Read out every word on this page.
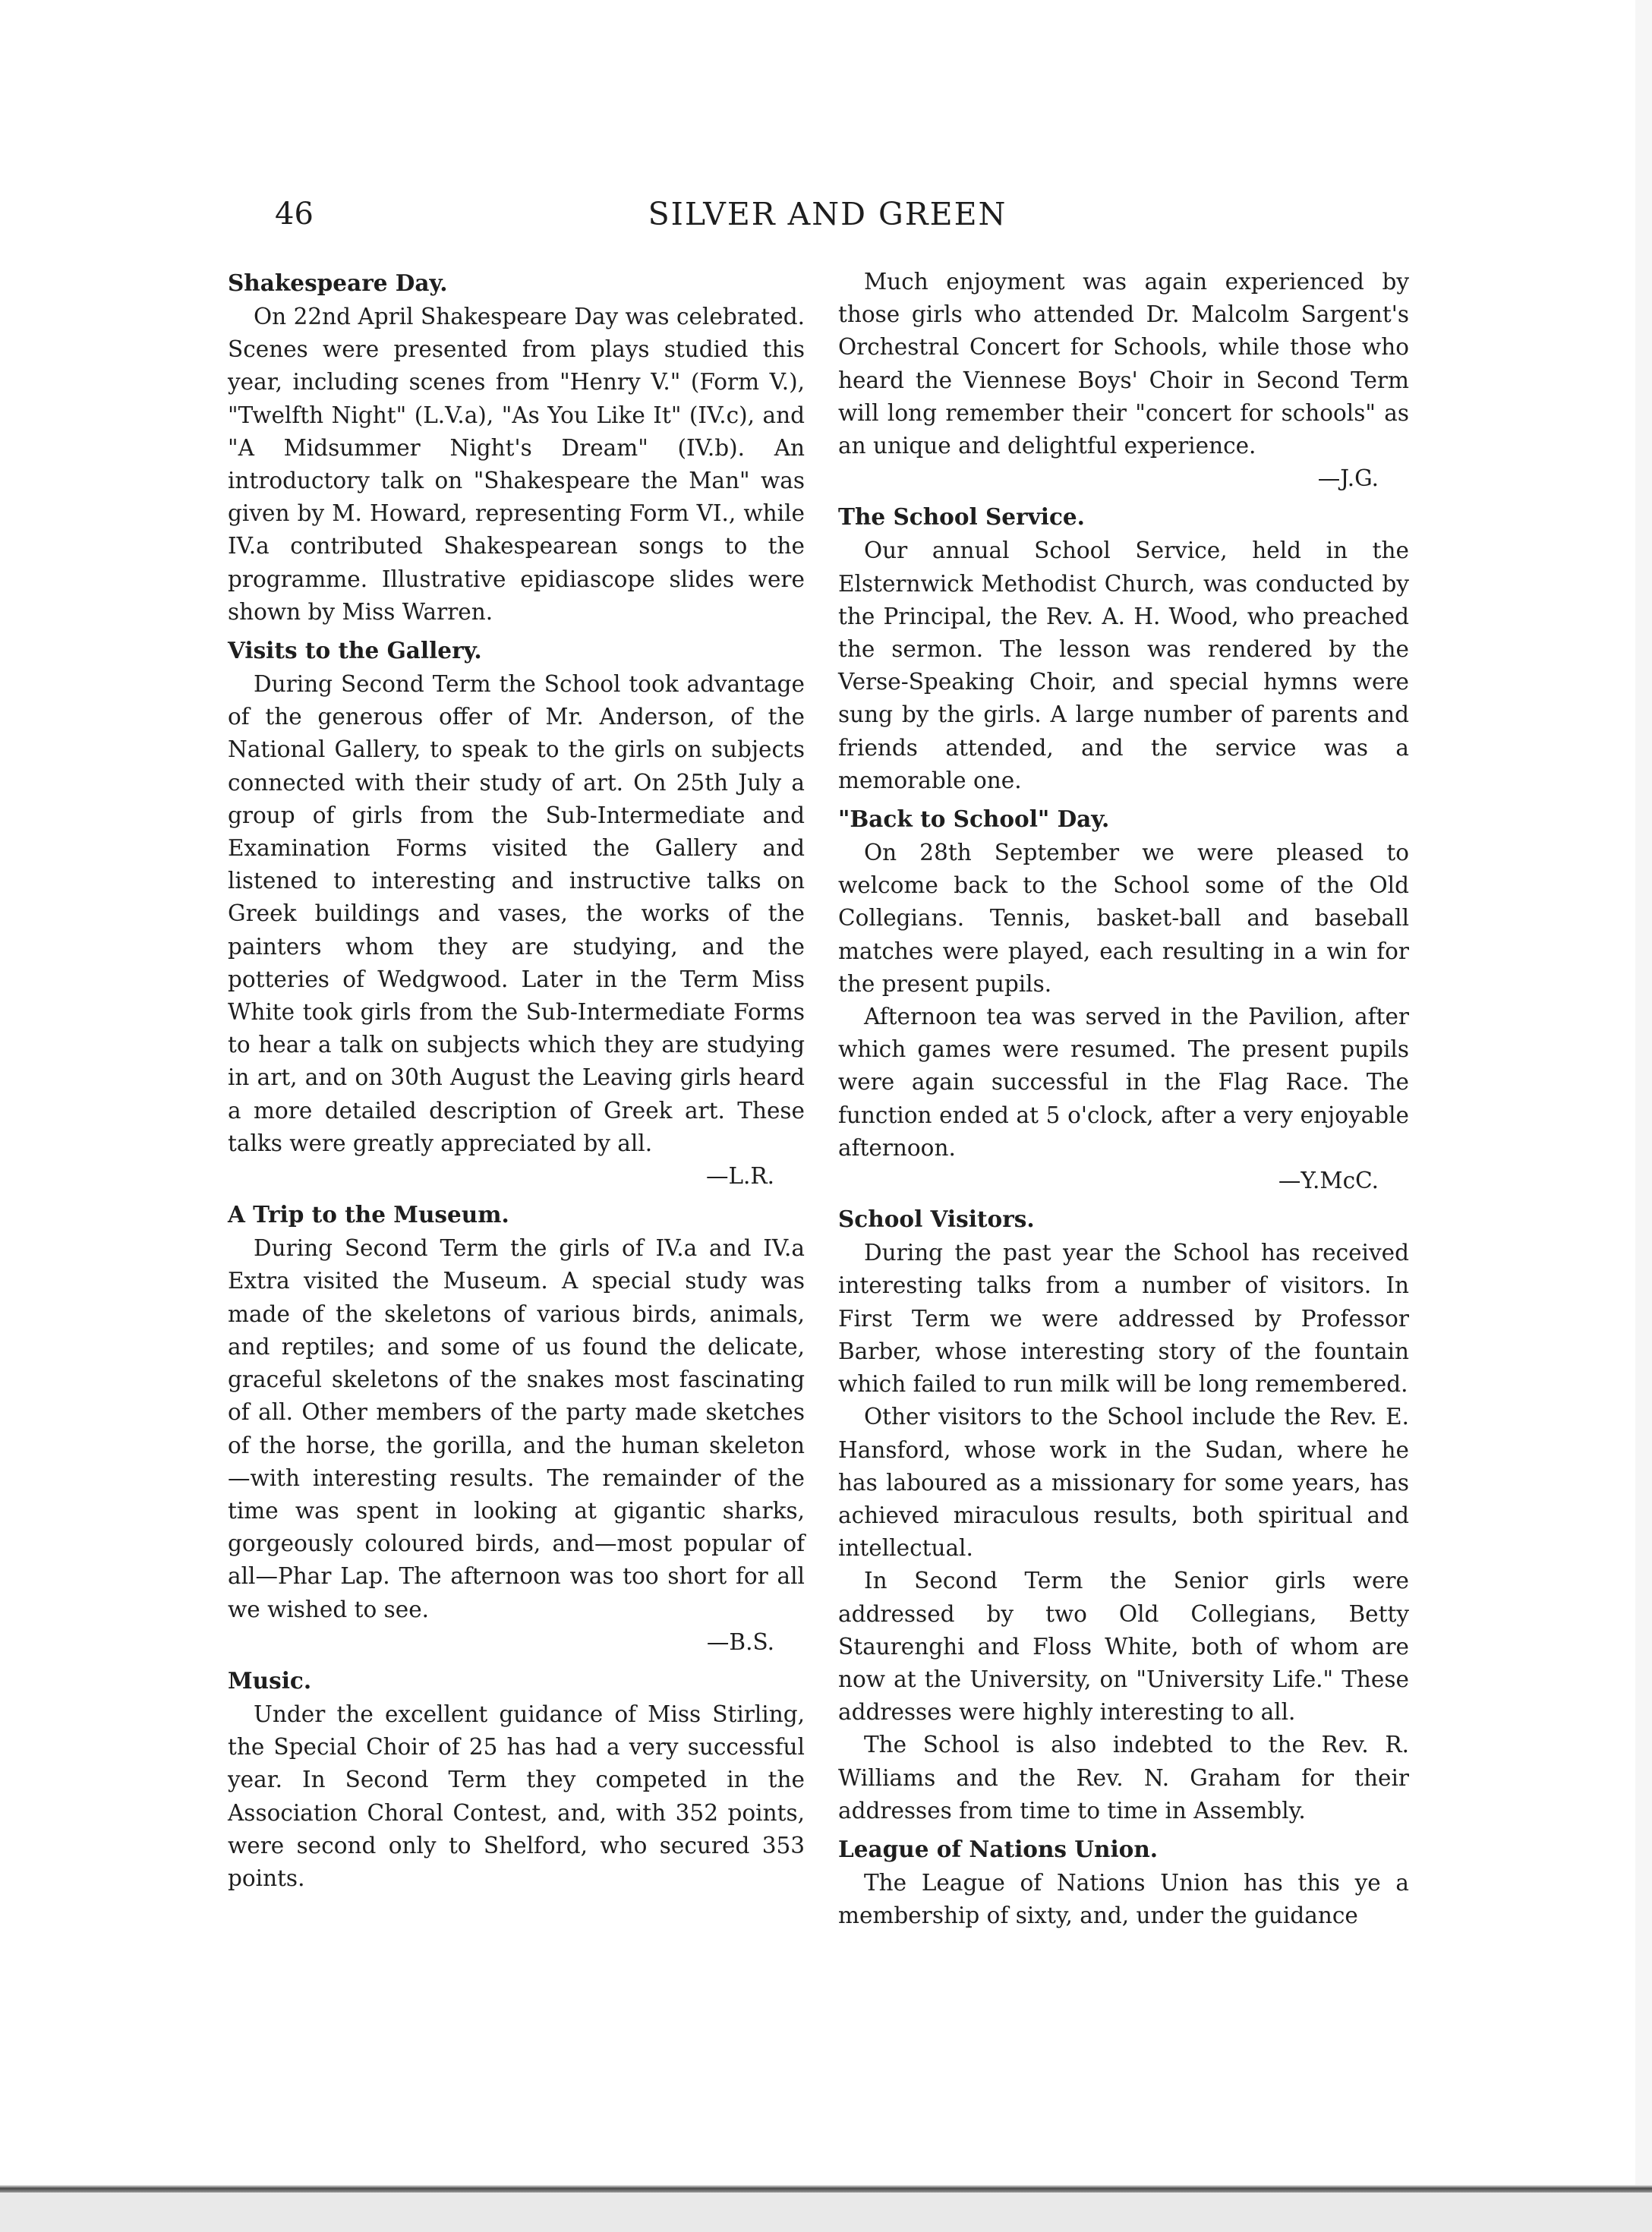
46	SILVER AND GREEN
Shakespeare Day.

On 22nd April Shakespeare Day was celebrated. Scenes were presented from plays studied this year, including scenes from "Henry V." (Form V.), "Twelfth Night" (L.V.a), "As You Like It" (IV.c), and "A Midsummer Night's Dream" (IV.b). An introductory talk on "Shakespeare the Man" was given by M. Howard, representing Form VI., while IV.a contributed Shakespearean songs to the programme. Illustrative epidiascope slides were shown by Miss Warren.

Visits to the Gallery.

During Second Term the School took advantage of the generous offer of Mr. Anderson, of the National Gallery, to speak to the girls on subjects connected with their study of art. On 25th July a group of girls from the Sub-Intermediate and Examination Forms visited the Gallery and listened to interesting and instructive talks on Greek buildings and vases, the works of the painters whom they are studying, and the potteries of Wedgwood. Later in the Term Miss White took girls from the Sub-Intermediate Forms to hear a talk on subjects which they are studying in art, and on 30th August the Leaving girls heard a more detailed description of Greek art. These talks were greatly appreciated by all.

—L.R.

A Trip to the Museum.

During Second Term the girls of IV.a and IV.a Extra visited the Museum. A special study was made of the skeletons of various birds, animals, and reptiles; and some of us found the delicate, graceful skeletons of the snakes most fascinating of all. Other members of the party made sketches of the horse, the gorilla, and the human skeleton—with interesting results. The remainder of the time was spent in looking at gigantic sharks, gorgeously coloured birds, and—most popular of all—Phar Lap. The afternoon was too short for all we wished to see.

—B.S.

Music.

Under the excellent guidance of Miss Stirling, the Special Choir of 25 has had a very successful year. In Second Term they competed in the Association Choral Contest, and, with 352 points, were second only to Shelford, who secured 353 points.

Much enjoyment was again experienced by those girls who attended Dr. Malcolm Sargent's Orchestral Concert for Schools, while those who heard the Viennese Boys' Choir in Second Term will long remember their "concert for schools" as an unique and delightful experience.

—J.G.

The School Service.

Our annual School Service, held in the Elsternwick Methodist Church, was conducted by the Principal, the Rev. A. H. Wood, who preached the sermon. The lesson was rendered by the Verse-Speaking Choir, and special hymns were sung by the girls. A large number of parents and friends attended, and the service was a memorable one.

"Back to School" Day.

On 28th September we were pleased to welcome back to the School some of the Old Collegians. Tennis, basket-ball and baseball matches were played, each resulting in a win for the present pupils.

Afternoon tea was served in the Pavilion, after which games were resumed. The present pupils were again successful in the Flag Race. The function ended at 5 o'clock, after a very enjoyable afternoon.

—Y.McC.

School Visitors.

During the past year the School has received interesting talks from a number of visitors. In First Term we were addressed by Professor Barber, whose interesting story of the fountain which failed to run milk will be long remembered.

Other visitors to the School include the Rev. E. Hansford, whose work in the Sudan, where he has laboured as a missionary for some years, has achieved miraculous results, both spiritual and intellectual.

In Second Term the Senior girls were addressed by two Old Collegians, Betty Staurenghi and Floss White, both of whom are now at the University, on "University Life." These addresses were highly interesting to all.

The School is also indebted to the Rev. R. Williams and the Rev. N. Graham for their addresses from time to time in Assembly.

League of Nations Union.

The League of Nations Union has this ye a membership of sixty, and, under the guidance
